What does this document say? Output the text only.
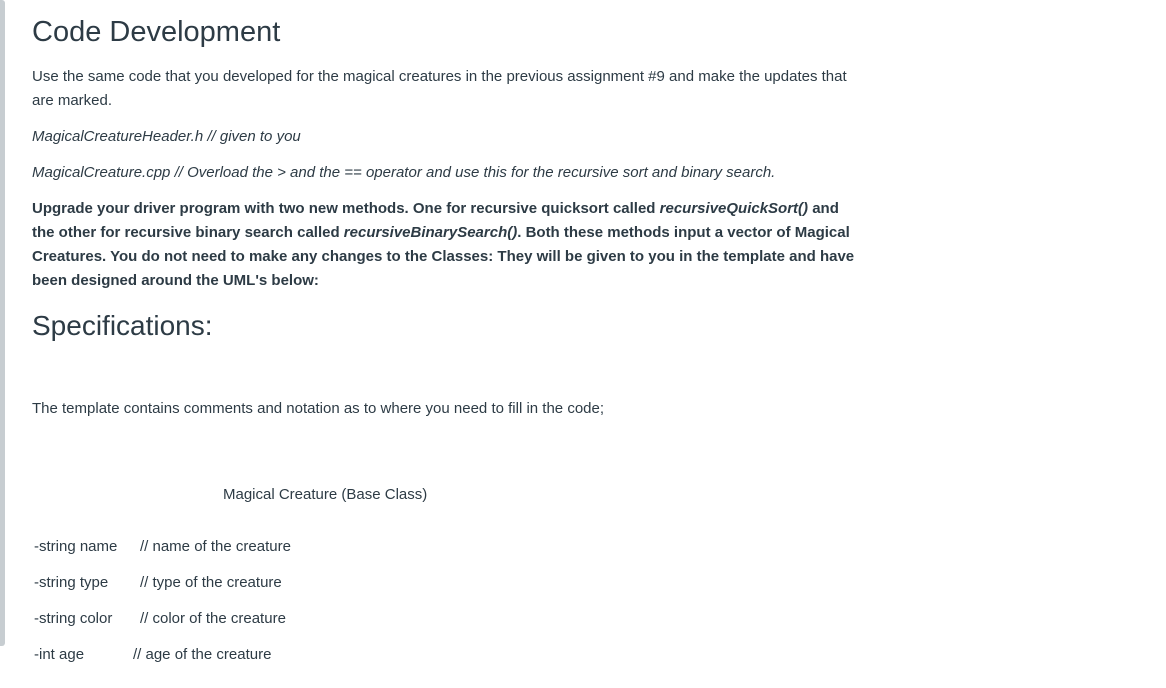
Code Development

Use the same code that you developed for the magical creatures in the previous assignment #9 and make the updates that are marked.

MagicalCreatureHeader.h // given to you

MagicalCreature.cpp // Overload the > and the == operator and use this for the recursive sort and binary search.

Upgrade your driver program with two new methods. One for recursive quicksort called recursiveQuickSort() and the other for recursive binary search called recursiveBinarySearch(). Both these methods input a vector of Magical Creatures. You do not need to make any changes to the Classes: They will be given to you in the template and have been designed around the UML's below:

Specifications:

The template contains comments and notation as to where you need to fill in the code;

Magical Creature (Base Class)
-string name // name of the creature
-string type // type of the creature
-string color // color of the creature
-int age	// age of the creature
